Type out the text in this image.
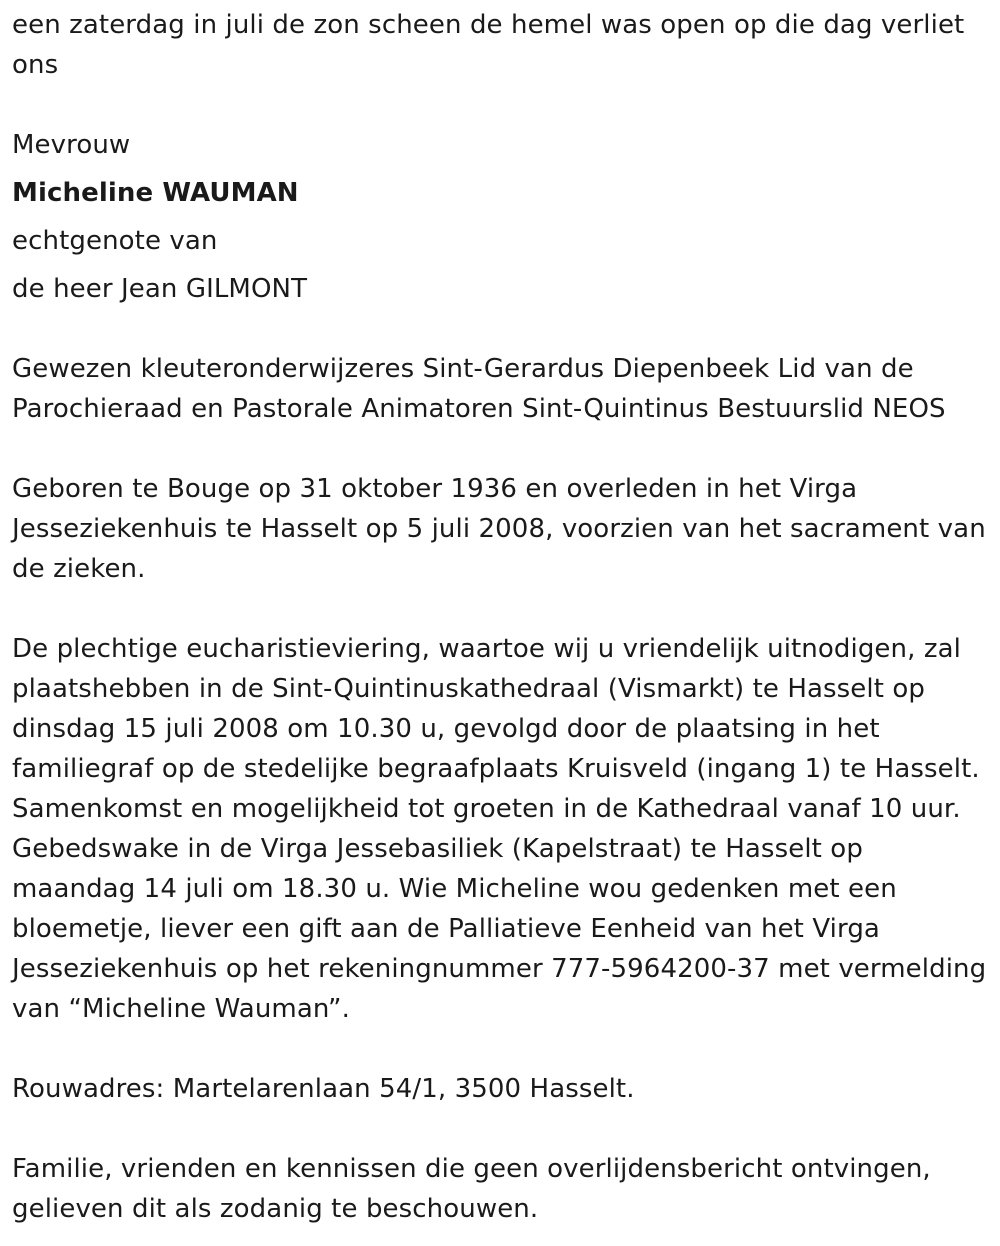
een zaterdag in juli de zon scheen de hemel was open op die dag verliet
ons

Mevrouw

Micheline WAUMAN

echtgenote van

de heer Jean GILMONT

Gewezen kleuteronderwijzeres Sint-Gerardus Diepenbeek Lid van de
Parochieraad en Pastorale Animatoren Sint-Quintinus Bestuurslid NEOS

Geboren te Bouge op 31 oktober 1936 en overleden in het Virga
Jesseziekenhuis te Hasselt op 5 juli 2008, voorzien van het sacrament van
de zieken.

De plechtige eucharistieviering, waartoe wij u vriendelijk uitnodigen, zal
plaatshebben in de Sint-Quintinuskathedraal (Vismarkt) te Hasselt op
dinsdag 15 juli 2008 om 10.30 u, gevolgd door de plaatsing in het
familiegraf op de stedelijke begraafplaats Kruisveld (ingang 1) te Hasselt.
Samenkomst en mogelijkheid tot groeten in de Kathedraal vanaf 10 uur.
Gebedswake in de Virga Jessebasiliek (Kapelstraat) te Hasselt op
maandag 14 juli om 18.30 u. Wie Micheline wou gedenken met een
bloemetje, liever een gift aan de Palliatieve Eenheid van het Virga
Jesseziekenhuis op het rekeningnummer 777-5964200-37 met vermelding
van “Micheline Wauman”.

Rouwadres: Martelarenlaan 54/1, 3500 Hasselt.

Familie, vrienden en kennissen die geen overlijdensbericht ontvingen,
gelieven dit als zodanig te beschouwen.
